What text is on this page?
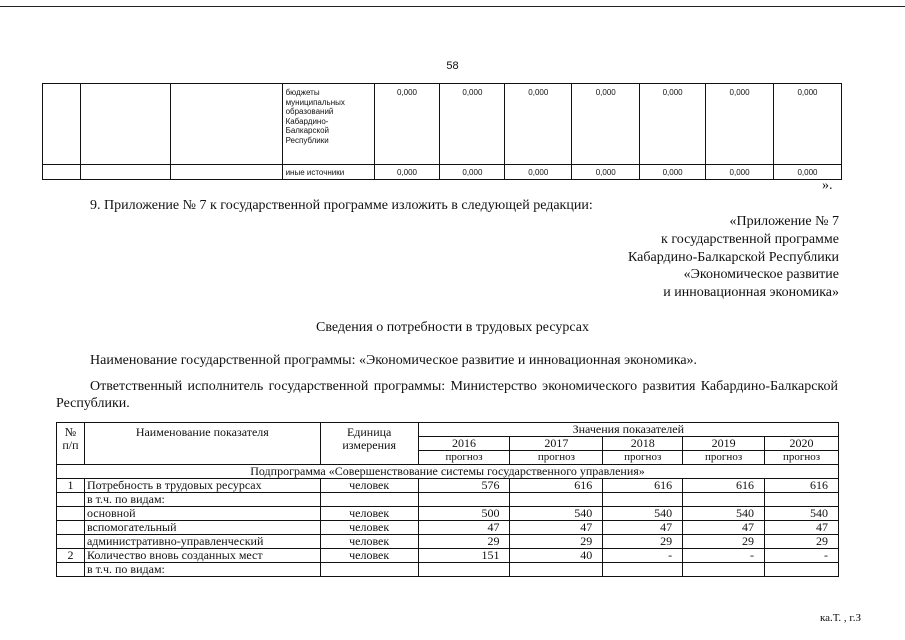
58
			бюджеты муниципальных образований Кабардино-Балкарской Республики	0,000	0,000	0,000	0,000	0,000	0,000	0,000
			иные источники	0,000	0,000	0,000	0,000	0,000	0,000	0,000
».
9. Приложение № 7 к государственной программе изложить в следующей редакции:
«Приложение № 7
к государственной программе
Кабардино-Балкарской Республики
«Экономическое развитие
и инновационная экономика»
Сведения о потребности в трудовых ресурсах
Наименование государственной программы: «Экономическое развитие и инновационная экономика».
Ответственный исполнитель государственной программы: Министерство экономического развития Кабардино-Балкарской Республики.
№ п/п	Наименование показателя	Единица измерения	Значения показателей				
			2016	2017	2018	2019	2020
			прогноз	прогноз	прогноз	прогноз	прогноз
Подпрограмма «Совершенствование системы государственного управления»							
1	Потребность в трудовых ресурсах	человек	576	616	616	616	616
	в т.ч. по видам:						
	основной	человек	500	540	540	540	540
	вспомогательный	человек	47	47	47	47	47
	административно-управленческий	человек	29	29	29	29	29
2	Количество вновь созданных мест	человек	151	40	-	-	-
	в т.ч. по видам:						
ка.Т. , г.З
